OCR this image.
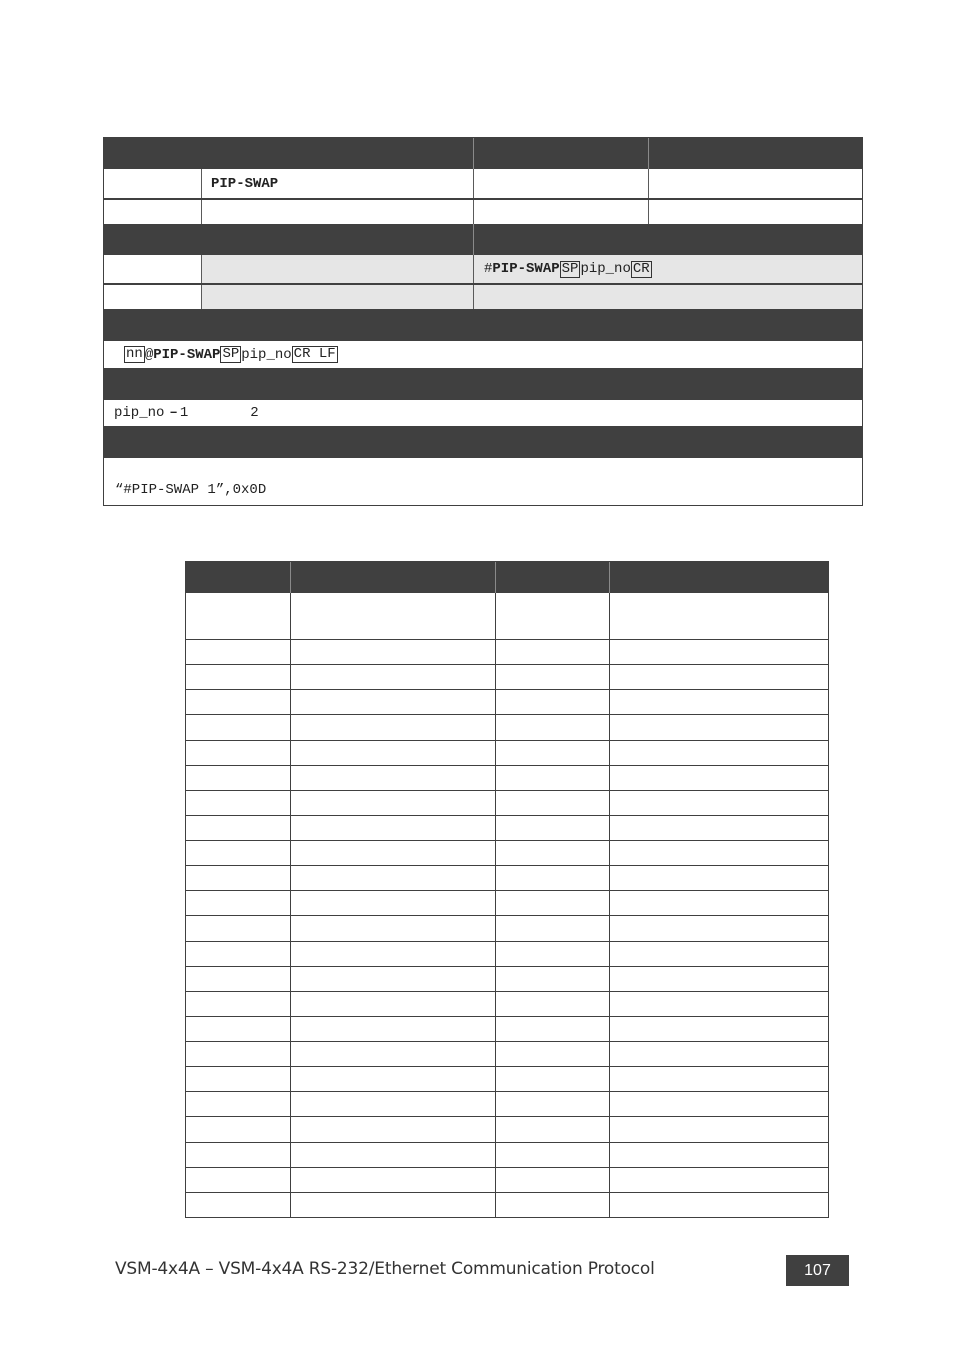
PIP-SWAP
# PIP-SWAP SP pip_no CR
nn @ PIP-SWAP SP pip_no CR LF
pip_no – 1	2
“#PIP-SWAP 1”,0x0D
VSM-4x4A – VSM-4x4A RS-232/Ethernet Communication Protocol	107
